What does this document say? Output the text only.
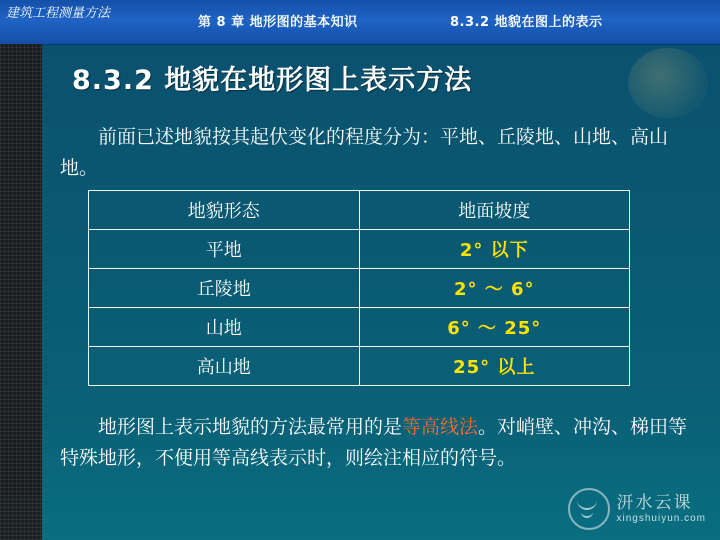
建筑工程测量方法
第 8 章 地形图的基本知识	8.3.2 地貌在图上的表示
8.3.2 地貌在地形图上表示方法
前面已述地貌按其起伏变化的程度分为：平地、丘陵地、山地、高山地。
地貌形态	地面坡度
平地	2° 以下
丘陵地	2° ～ 6°
山地	6° ～ 25°
高山地	25° 以上
地形图上表示地貌的方法最常用的是等高线法。对峭壁、冲沟、梯田等特殊地形，不便用等高线表示时，则绘注相应的符号。
汧水云课
xingshuiyun.com
